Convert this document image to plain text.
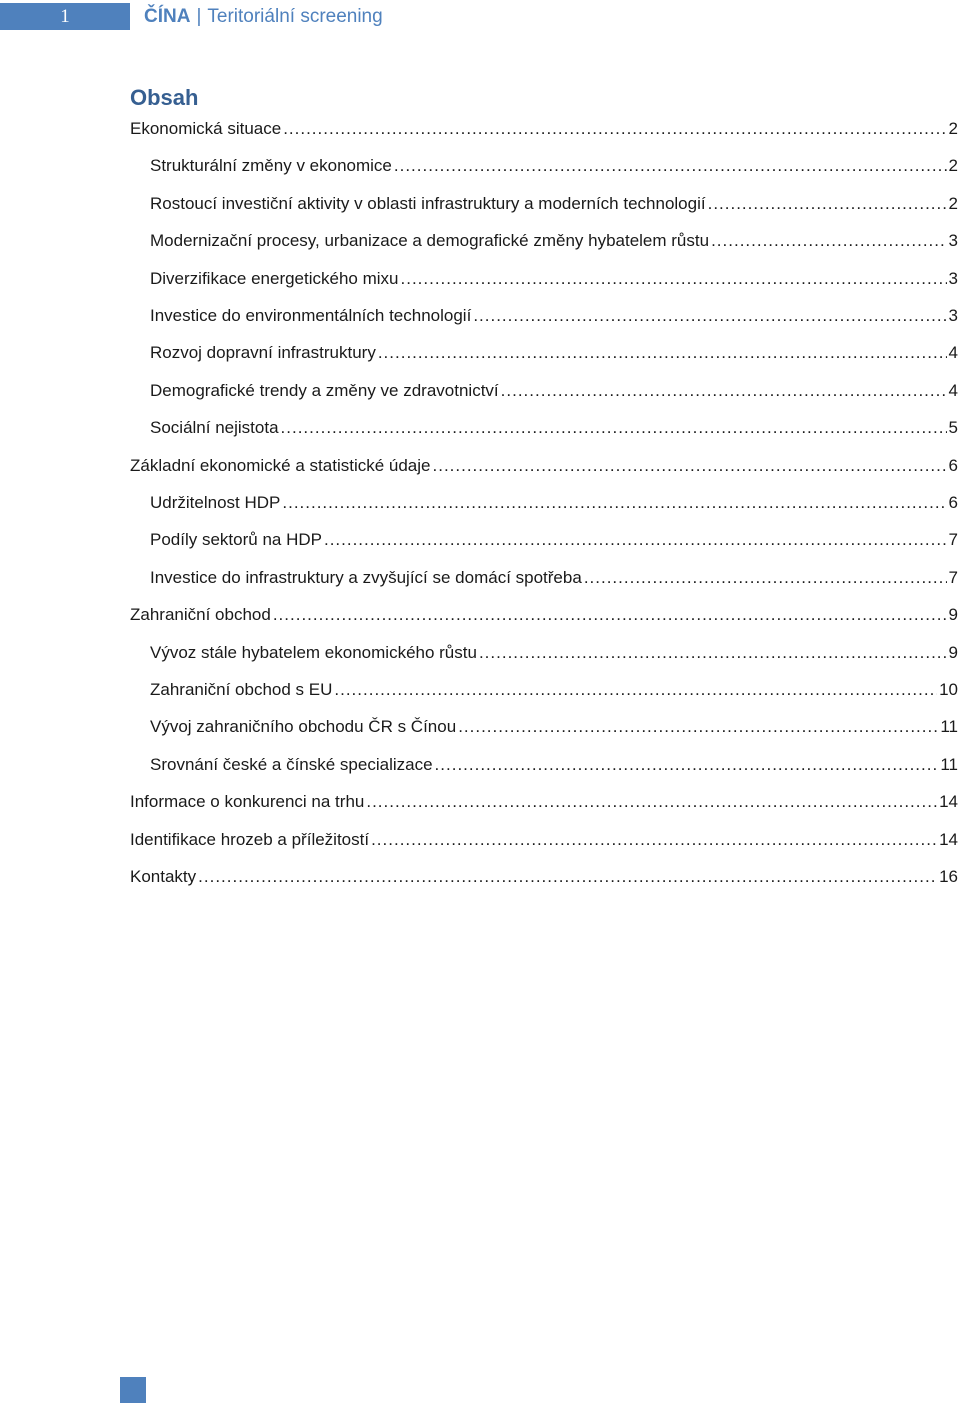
1	ČÍNA | Teritoriální screening
Obsah
Ekonomická situace .....	2
Strukturální změny v ekonomice .....	2
Rostoucí investiční aktivity v oblasti infrastruktury a moderních technologií .....	2
Modernizační procesy, urbanizace a demografické změny hybatelem růstu .....	3
Diverzifikace energetického mixu .....	3
Investice do environmentálních technologií .....	3
Rozvoj dopravní infrastruktury .....	4
Demografické trendy a změny ve zdravotnictví .....	4
Sociální nejistota .....	5
Základní ekonomické a statistické údaje .....	6
Udržitelnost HDP .....	6
Podíly sektorů na HDP .....	7
Investice do infrastruktury a zvyšující se domácí spotřeba .....	7
Zahraniční obchod .....	9
Vývoz stále hybatelem ekonomického růstu .....	9
Zahraniční obchod s EU .....	10
Vývoj zahraničního obchodu ČR s Čínou .....	11
Srovnání české a čínské specializace .....	11
Informace o konkurenci na trhu .....	14
Identifikace hrozeb a příležitostí .....	14
Kontakty .....	16
